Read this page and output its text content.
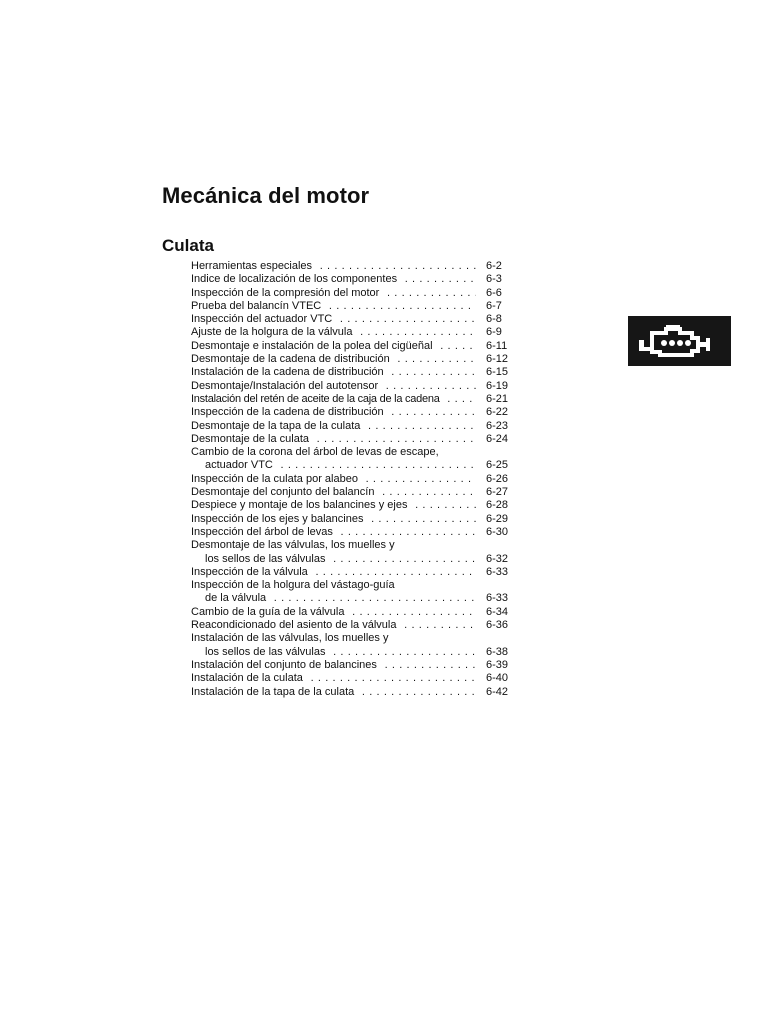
Mecánica del motor
Culata
Herramientas especiales . . .	6-2
Indice de localización de los componentes . . .	6-3
Inspección de la compresión del motor . . .	6-6
Prueba del balancín VTEC . . .	6-7
Inspección del actuador VTC . . .	6-8
Ajuste de la holgura de la válvula . . .	6-9
Desmontaje e instalación de la polea del cigüeñal . . .	6-11
Desmontaje de la cadena de distribución . . .	6-12
Instalación de la cadena de distribución . . .	6-15
Desmontaje/Instalación del autotensor . . .	6-19
Instalación del retén de aceite de la caja de la cadena . . .	6-21
Inspección de la cadena de distribución . . .	6-22
Desmontaje de la tapa de la culata . . .	6-23
Desmontaje de la culata . . .	6-24
Cambio de la corona del árbol de levas de escape,
actuador VTC . . .	6-25
Inspección de la culata por alabeo . . .	6-26
Desmontaje del conjunto del balancín . . .	6-27
Despiece y montaje de los balancines y ejes . . .	6-28
Inspección de los ejes y balancines . . .	6-29
Inspección del árbol de levas . . .	6-30
Desmontaje de las válvulas, los muelles y
los sellos de las válvulas . . .	6-32
Inspección de la válvula . . .	6-33
Inspección de la holgura del vástago-guía
de la válvula . . .	6-33
Cambio de la guía de la válvula . . .	6-34
Reacondicionado del asiento de la válvula . . .	6-36
Instalación de las válvulas, los muelles y
los sellos de las válvulas . . .	6-38
Instalación del conjunto de balancines . . .	6-39
Instalación de la culata . . .	6-40
Instalación de la tapa de la culata . . .	6-42
